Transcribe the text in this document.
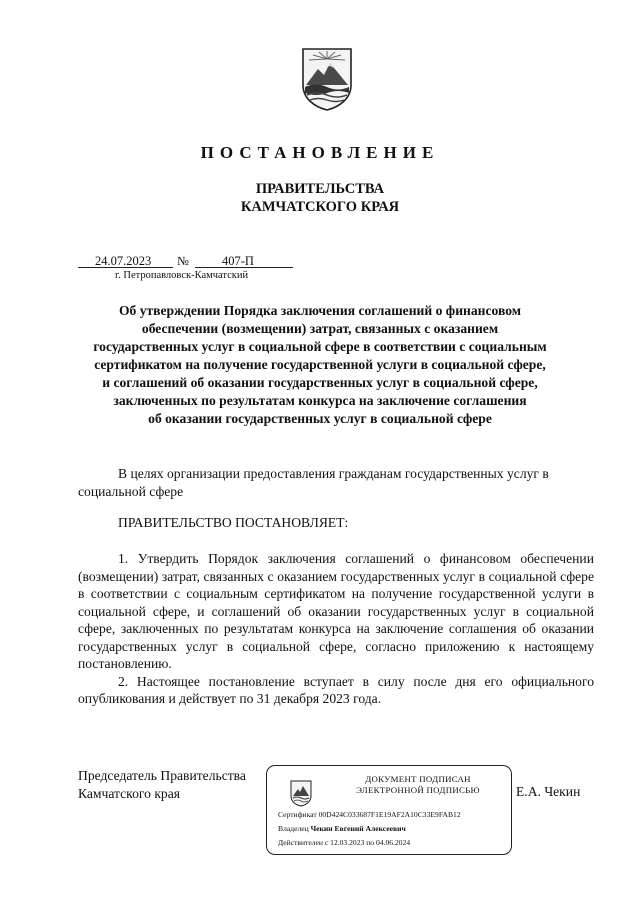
ПОСТАНОВЛЕНИЕ
ПРАВИТЕЛЬСТВА
КАМЧАТСКОГО КРАЯ
24.07.2023 №	407-П
г. Петропавловск-Камчатский
Об утверждении Порядка заключения соглашений о финансовом
обеспечении (возмещении) затрат, связанных с оказанием
государственных услуг в социальной сфере в соответствии с социальным
сертификатом на получение государственной услуги в социальной сфере,
и соглашений об оказании государственных услуг в социальной сфере,
заключенных по результатам конкурса на заключение соглашения
об оказании государственных услуг в социальной сфере

В целях организации предоставления гражданам государственных услуг в социальной сфере

ПРАВИТЕЛЬСТВО ПОСТАНОВЛЯЕТ:

1. Утвердить Порядок заключения соглашений о финансовом обеспечении (возмещении) затрат, связанных с оказанием государственных услуг в социальной сфере в соответствии с социальным сертификатом на получение государственной услуги в социальной сфере, и соглашений об оказании государственных услуг в социальной сфере, заключенных по результатам конкурса на заключение соглашения об оказании государственных услуг в социальной сфере, согласно приложению к настоящему постановлению.

2. Настоящее постановление вступает в силу после дня его официального опубликования и действует по 31 декабря 2023 года.

Председатель Правительства
Камчатского края
ДОКУМЕНТ ПОДПИСАН
ЭЛЕКТРОННОЙ ПОДПИСЬЮ
Сертификат 00D424C033687F1E19AF2A10C33E9FAB12
Владелец Чекин Евгений Алексеевич
Действителен с 12.03.2023 по 04.06.2024
Е.А. Чекин
